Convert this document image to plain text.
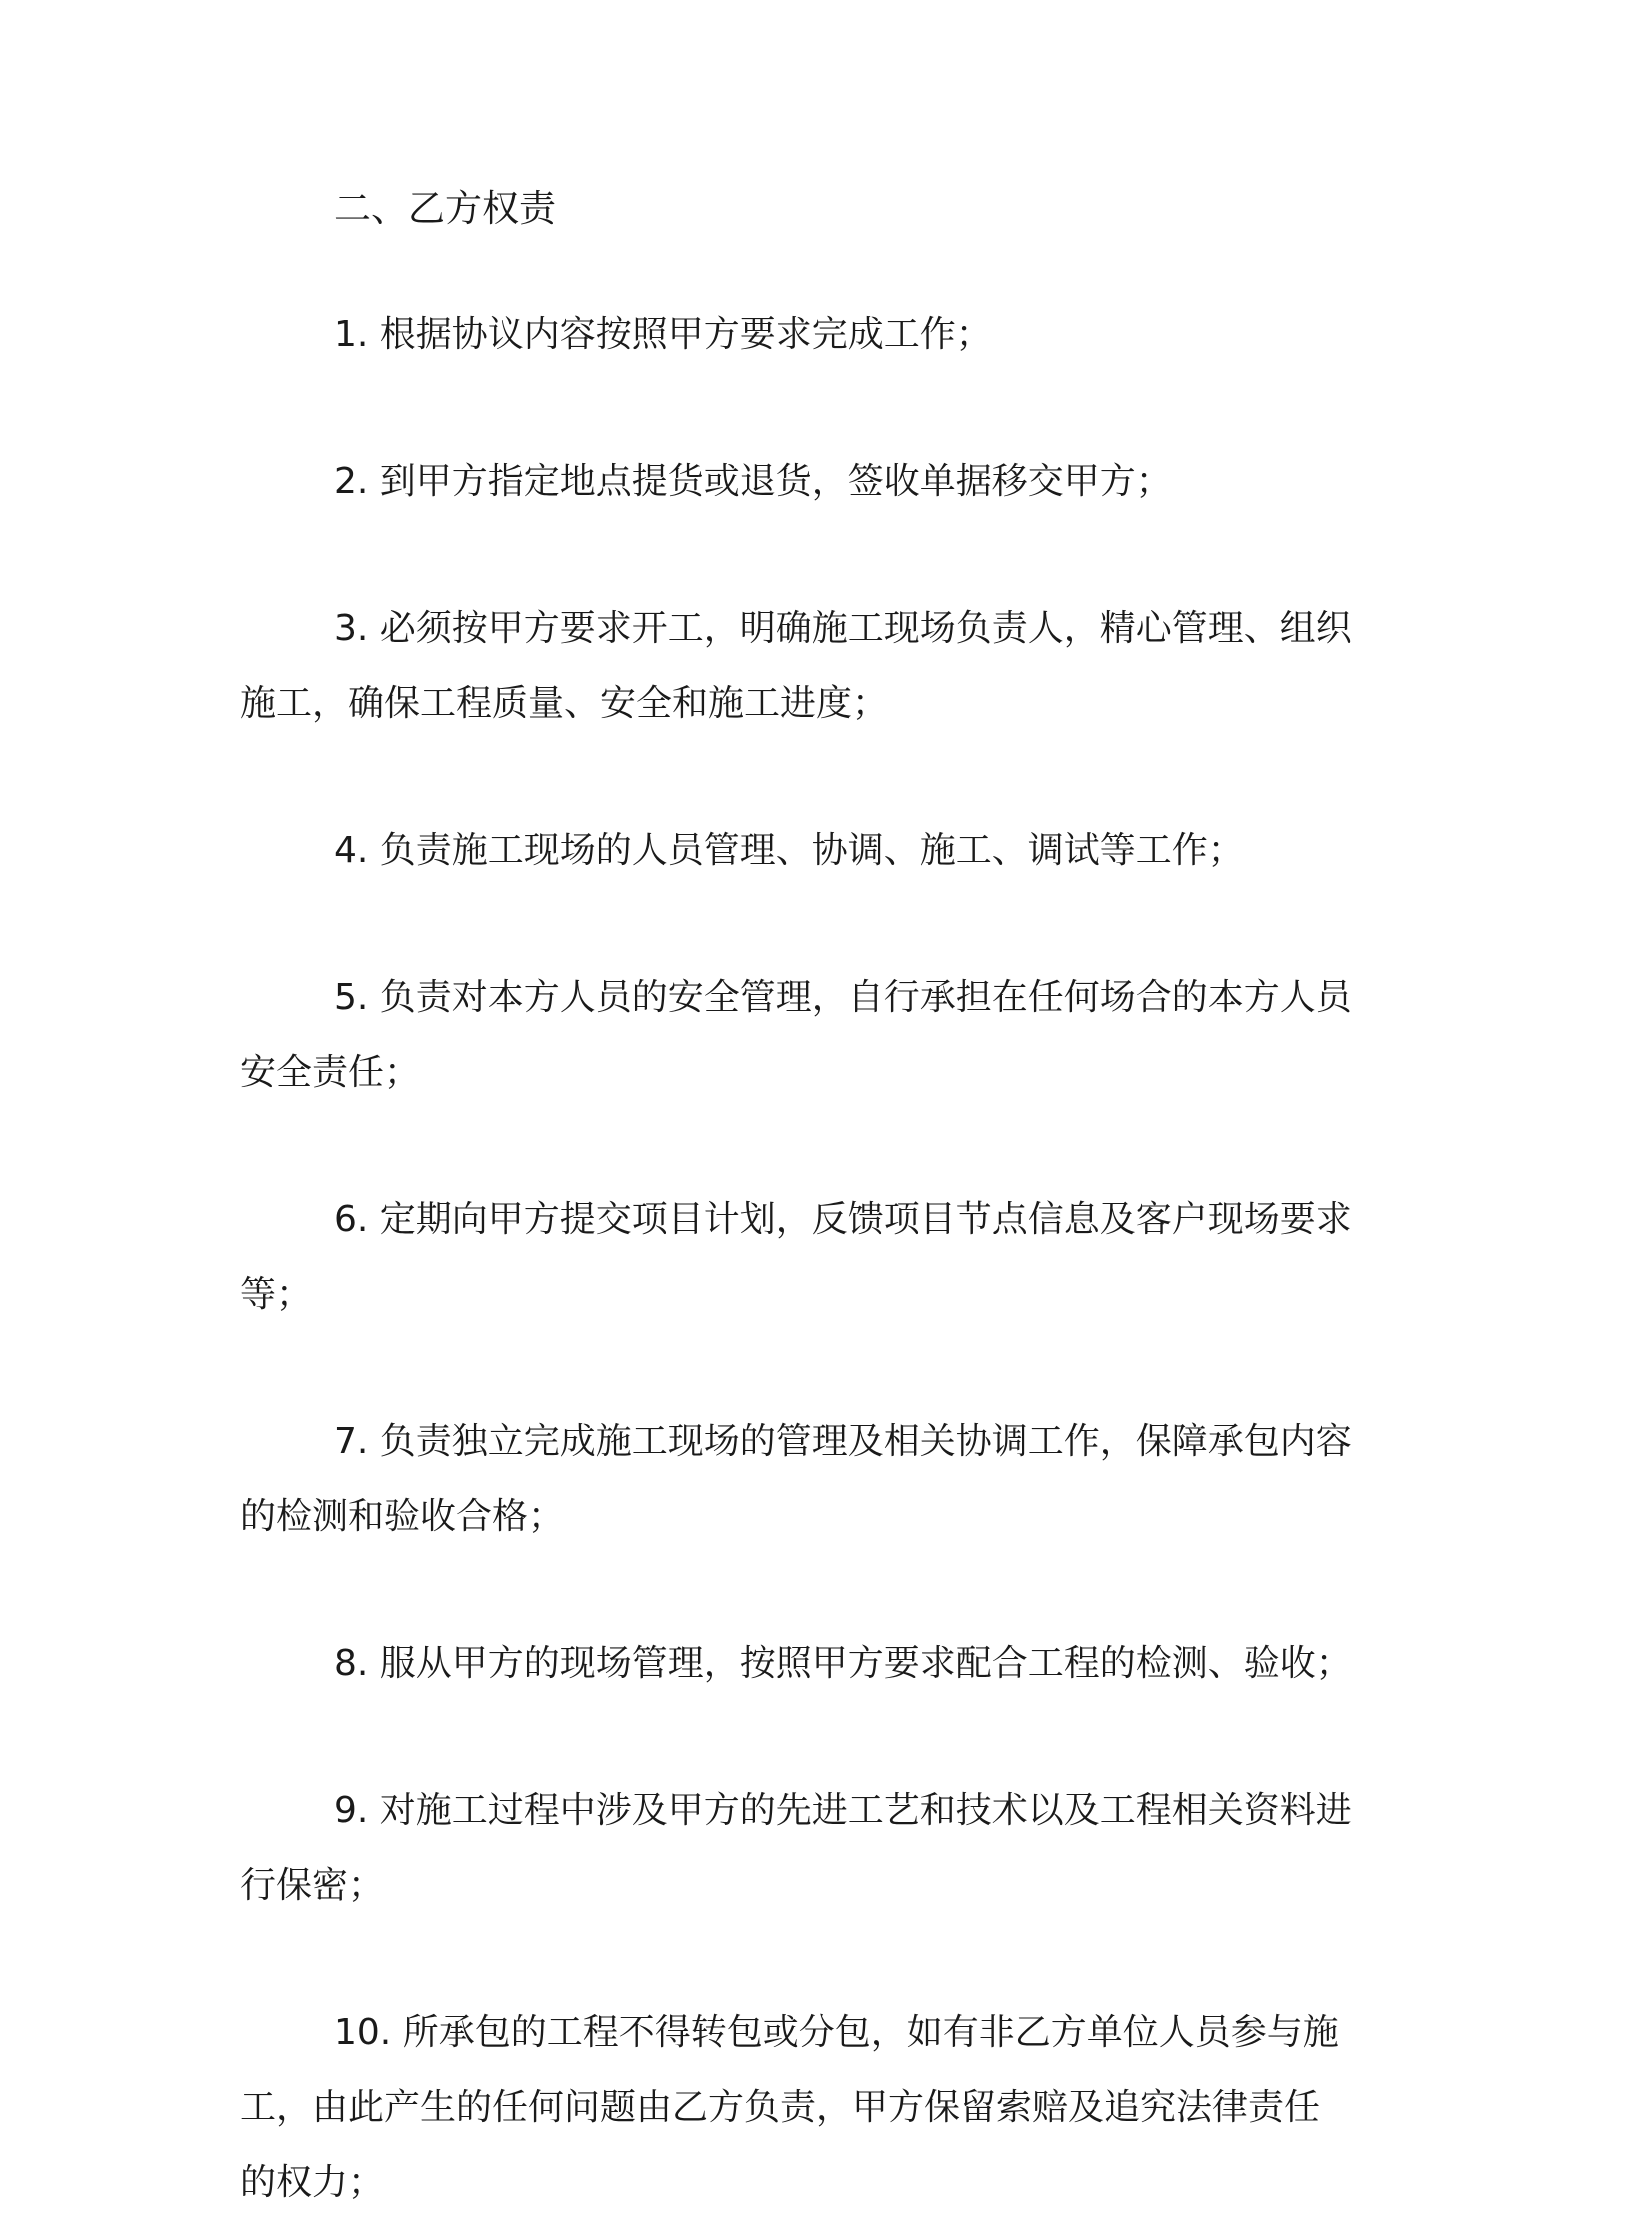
二、乙方权责
1. 根据协议内容按照甲方要求完成工作；
2. 到甲方指定地点提货或退货，签收单据移交甲方；
3. 必须按甲方要求开工，明确施工现场负责人，精心管理、组织
施工，确保工程质量、安全和施工进度；
4. 负责施工现场的人员管理、协调、施工、调试等工作；
5. 负责对本方人员的安全管理，自行承担在任何场合的本方人员
安全责任；
6. 定期向甲方提交项目计划，反馈项目节点信息及客户现场要求
等；
7. 负责独立完成施工现场的管理及相关协调工作，保障承包内容
的检测和验收合格；
8. 服从甲方的现场管理，按照甲方要求配合工程的检测、验收；
9. 对施工过程中涉及甲方的先进工艺和技术以及工程相关资料进
行保密；
10. 所承包的工程不得转包或分包，如有非乙方单位人员参与施
工，由此产生的任何问题由乙方负责，甲方保留索赔及追究法律责任
的权力；
